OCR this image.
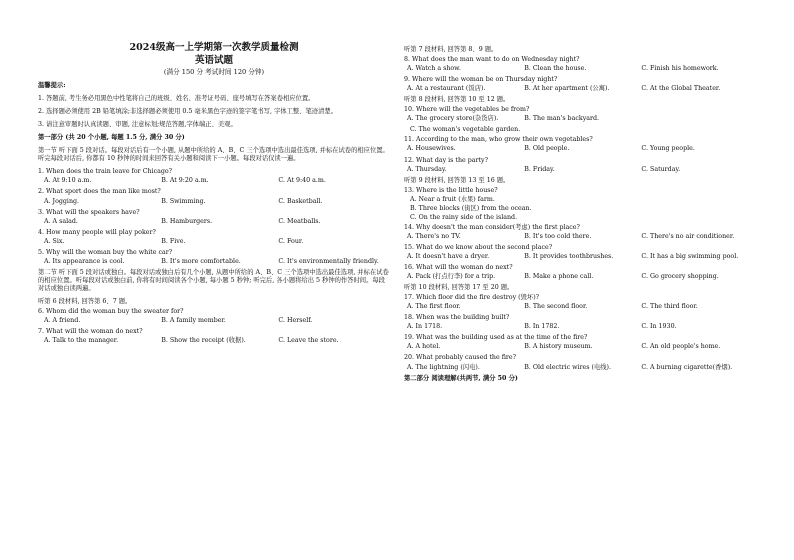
2024级高一上学期第一次教学质量检测
英语试题
(满分 150 分 考试时间 120 分钟)
温馨提示:
1. 答题前, 考生务必用黑色中性笔将自己的班级、姓名、准考证号码、座号填写在答案卷相应位置。
2. 选择题必须使用 2B 铅笔填涂;非选择题必须使用 0.5 毫米黑色字迹的签字笔书写, 字体工整、笔迹清楚。
3. 请注意审题时认真读题、审题, 注意标划;规范答题,字体端正、美观。
第一部分 (共 20 个小题, 每题 1.5 分, 满分 30 分)
第一节 听下面 5 段对话。每段对话后有一个小题, 从题中所给的 A、B、C 三个选项中选出最佳选项, 并标在试卷的相应位置。听完每段对话后, 你都有 10 秒钟的时间来回答有关小题和阅读下一小题。每段对话仅读一遍。
1. When does the train leave for Chicago?
A. At 9:10 a.m.	B. At 9:20 a.m.	C. At 9:40 a.m.
2. What sport does the man like most?
A. Jogging.	B. Swimming.	C. Basketball.
3. What will the speakers have?
A. A salad.	B. Hamburgers.	C. Meatballs.
4. How many people will play poker?
A. Six.	B. Five.	C. Four.
5. Why will the woman buy the white car?
A. Its appearance is cool.	B. It's more comfortable.	C. It's environmentally friendly.
第二节 听下面 5 段对话或独白。每段对话或独白后有几个小题, 从题中所给的 A、B、C 三个选项中选出最佳选项, 并标在试卷的相应位置。听每段对话或独白前, 你将有时间阅读各个小题, 每小题 5 秒钟; 听完后, 各小题将给出 5 秒钟的作答时间。每段对话或独白读两遍。
听第 6 段材料, 回答第 6、7 题。
6. Whom did the woman buy the sweater for?
A. A friend.	B. A family member.	C. Herself.
7. What will the woman do next?
A. Talk to the manager.	B. Show the receipt (收据).	C. Leave the store.
听第 7 段材料, 回答第 8、9 题。
8. What does the man want to do on Wednesday night?
A. Watch a show.	B. Clean the house.	C. Finish his homework.
9. Where will the woman be on Thursday night?
A. At a restaurant (饭店).	B. At her apartment (公寓).	C. At the Global Theater.
听第 8 段材料, 回答第 10 至 12 题。
10. Where will the vegetables be from?
A. The grocery store(杂货店).	B. The man's backyard.
C. The woman's vegetable garden.
11. According to the man, who grow their own vegetables?
A. Housewives.	B. Old people.	C. Young people.
12. What day is the party?
A. Thursday.	B. Friday.	C. Saturday.
听第 9 段材料, 回答第 13 至 16 题。
13. Where is the little house?
A. Near a fruit (水果) farm.
B. Three blocks (街区) from the ocean.
C. On the rainy side of the island.
14. Why doesn't the man consider(考虑) the first place?
A. There's no TV.	B. It's too cold there.	C. There's no air conditioner.
15. What do we know about the second place?
A. It doesn't have a dryer.	B. It provides toothbrushes.	C. It has a big swimming pool.
16. What will the woman do next?
A. Pack (打点行李) for a trip.	B. Make a phone call.	C. Go grocery shopping.
听第 10 段材料, 回答第 17 至 20 题。
17. Which floor did the fire destroy (毁坏)?
A. The first floor.	B. The second floor.	C. The third floor.
18. When was the building built?
A. In 1718.	B. In 1782.	C. In 1930.
19. What was the building used as at the time of the fire?
A. A hotel.	B. A history museum.	C. An old people's home.
20. What probably caused the fire?
A. The lightning (闪电).	B. Old electric wires (电线).	C. A burning cigarette(香烟).
第二部分 阅读理解(共两节, 满分 50 分)
